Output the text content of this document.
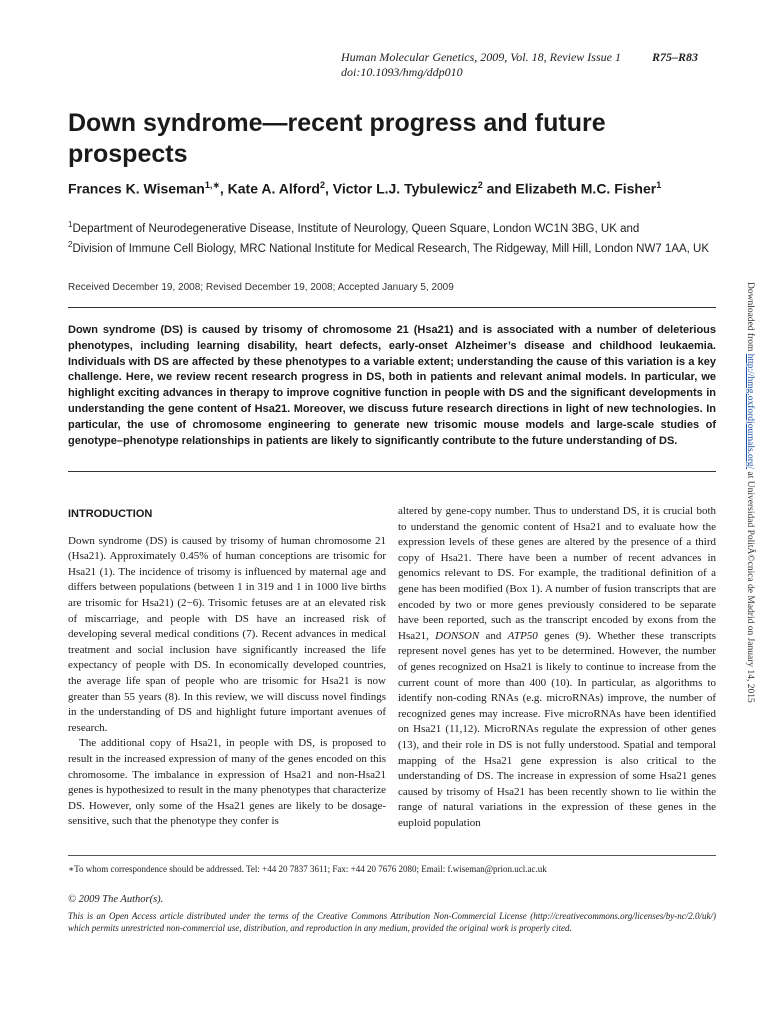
Human Molecular Genetics, 2009, Vol. 18, Review Issue 1
doi:10.1093/hmg/ddp010
R75–R83
Down syndrome—recent progress and future prospects
Frances K. Wiseman$^{1,∗}$, Kate A. Alford$^2$, Victor L.J. Tybulewicz$^2$ and Elizabeth M.C. Fisher$^1$
$^1$Department of Neurodegenerative Disease, Institute of Neurology, Queen Square, London WC1N 3BG, UK and
$^2$Division of Immune Cell Biology, MRC National Institute for Medical Research, The Ridgeway, Mill Hill, London NW7 1AA, UK
Received December 19, 2008; Revised December 19, 2008; Accepted January 5, 2009

Down syndrome (DS) is caused by trisomy of chromosome 21 (Hsa21) and is associated with a number of deleterious phenotypes, including learning disability, heart defects, early-onset Alzheimer’s disease and childhood leukaemia. Individuals with DS are affected by these phenotypes to a variable extent; understanding the cause of this variation is a key challenge. Here, we review recent research progress in DS, both in patients and relevant animal models. In particular, we highlight exciting advances in therapy to improve cognitive function in people with DS and the significant developments in understanding the gene content of Hsa21. Moreover, we discuss future research directions in light of new technologies. In particular, the use of chromosome engineering to generate new trisomic mouse models and large-scale studies of genotype–phenotype relationships in patients are likely to significantly contribute to the future understanding of DS.

INTRODUCTION

Down syndrome (DS) is caused by trisomy of human chromosome 21 (Hsa21). Approximately 0.45% of human conceptions are trisomic for Hsa21 (1). The incidence of trisomy is influenced by maternal age and differs between populations (between 1 in 319 and 1 in 1000 live births are trisomic for Hsa21) (2−6). Trisomic fetuses are at an elevated risk of miscarriage, and people with DS have an increased risk of developing several medical conditions (7). Recent advances in medical treatment and social inclusion have significantly increased the life expectancy of people with DS. In economically developed countries, the average life span of people who are trisomic for Hsa21 is now greater than 55 years (8). In this review, we will discuss novel findings in the understanding of DS and highlight future important avenues of research.

The additional copy of Hsa21, in people with DS, is proposed to result in the increased expression of many of the genes encoded on this chromosome. The imbalance in expression of Hsa21 and non-Hsa21 genes is hypothesized to result in the many phenotypes that characterize DS. However, only some of the Hsa21 genes are likely to be dosage-sensitive, such that the phenotype they confer is

altered by gene-copy number. Thus to understand DS, it is crucial both to understand the genomic content of Hsa21 and to evaluate how the expression levels of these genes are altered by the presence of a third copy of Hsa21. There have been a number of recent advances in genomics relevant to DS. For example, the traditional definition of a gene has been modified (Box 1). A number of fusion transcripts that are encoded by two or more genes previously considered to be separate have been reported, such as the transcript encoded by exons from the Hsa21, DONSON and ATP50 genes (9). Whether these transcripts represent novel genes has yet to be determined. However, the number of genes recognized on Hsa21 is likely to continue to increase from the current count of more than 400 (10). In particular, as algorithms to identify non-coding RNAs (e.g. microRNAs) improve, the number of recognized genes may increase. Five microRNAs have been identified on Hsa21 (11,12). MicroRNAs regulate the expression of other genes (13), and their role in DS is not fully understood. Spatial and temporal mapping of the Hsa21 gene expression is also critical to the understanding of DS. The increase in expression of some Hsa21 genes caused by trisomy of Hsa21 has been recently shown to lie within the range of natural variations in the expression of these genes in the euploid population

∗To whom correspondence should be addressed. Tel: +44 20 7837 3611; Fax: +44 20 7676 2080; Email: f.wiseman@prion.ucl.ac.uk
© 2009 The Author(s).
This is an Open Access article distributed under the terms of the Creative Commons Attribution Non-Commercial License (http://creativecommons.org/licenses/by-nc/2.0/uk/) which permits unrestricted non-commercial use, distribution, and reproduction in any medium, provided the original work is properly cited.
Downloaded from http://hmg.oxfordjournals.org/ at Universidad PolitÃ©cnica de Madrid on January 14, 2015
